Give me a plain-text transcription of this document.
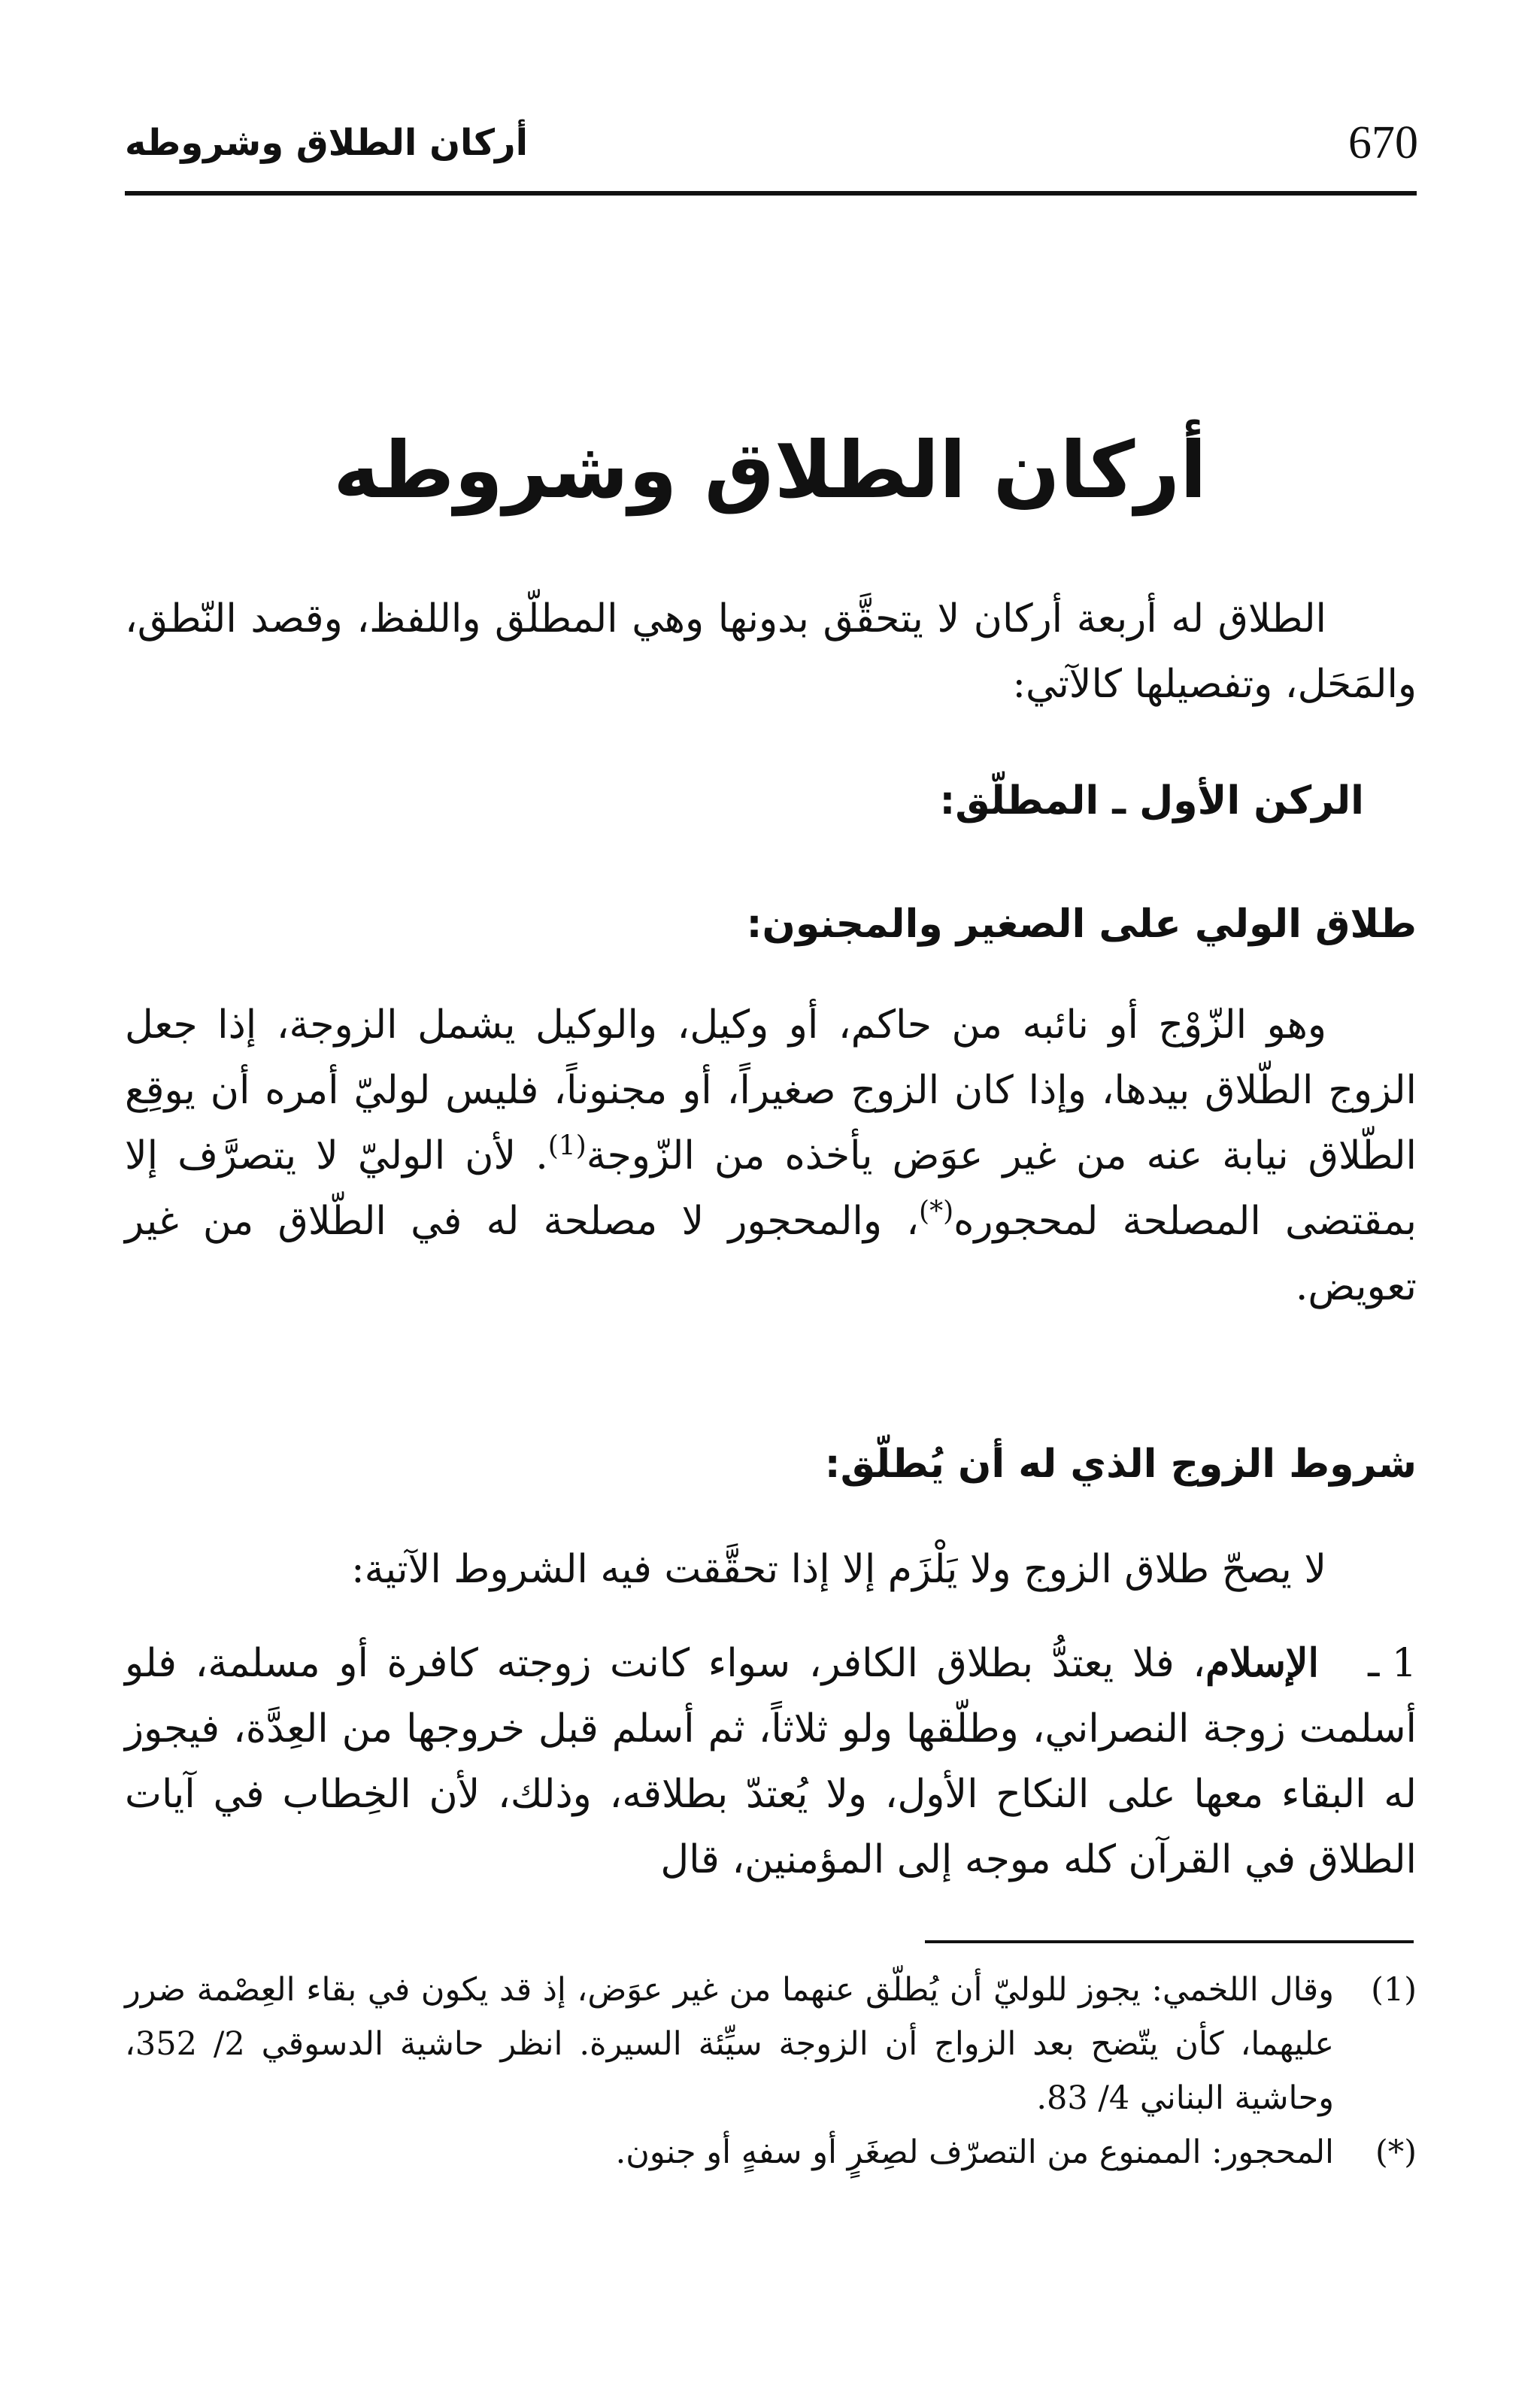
670
أركان الطلاق وشروطه
أركان الطلاق وشروطه
الطلاق له أربعة أركان لا يتحقَّق بدونها وهي المطلّق واللفظ، وقصد النّطق، والمَحَل، وتفصيلها كالآتي:
الركن الأول ـ المطلّق:
طلاق الولي على الصغير والمجنون:
وهو الزّوْج أو نائبه من حاكم، أو وكيل، والوكيل يشمل الزوجة، إذا جعل الزوج الطّلاق بيدها، وإذا كان الزوج صغيراً، أو مجنوناً، فليس لوليّ أمره أن يوقِع الطّلاق نيابة عنه من غير عوَض يأخذه من الزّوجة$^{(1)}$. لأن الوليّ لا يتصرَّف إلا بمقتضى المصلحة لمحجوره(*)، والمحجور لا مصلحة له في الطّلاق من غير تعويض.
شروط الزوج الذي له أن يُطلّق:
لا يصحّ طلاق الزوج ولا يَلْزَم إلا إذا تحقَّقت فيه الشروط الآتية:
1 ـالإسلام، فلا يعتدُّ بطلاق الكافر، سواء كانت زوجته كافرة أو مسلمة، فلو أسلمت زوجة النصراني، وطلّقها ولو ثلاثاً، ثم أسلم قبل خروجها من العِدَّة، فيجوز له البقاء معها على النكاح الأول، ولا يُعتدّ بطلاقه، وذلك، لأن الخِطاب في آيات الطلاق في القرآن كله موجه إلى المؤمنين، قال
(1)
وقال اللخمي: يجوز للوليّ أن يُطلّق عنهما من غير عوَض، إذ قد يكون في بقاء العِصْمة ضرر عليهما، كأن يتّضح بعد الزواج أن الزوجة سيِّئة السيرة. انظر حاشية الدسوقي 2/ 352، وحاشية البناني 4/ 83.
(*)
المحجور: الممنوع من التصرّف لصِغَرٍ أو سفهٍ أو جنون.
